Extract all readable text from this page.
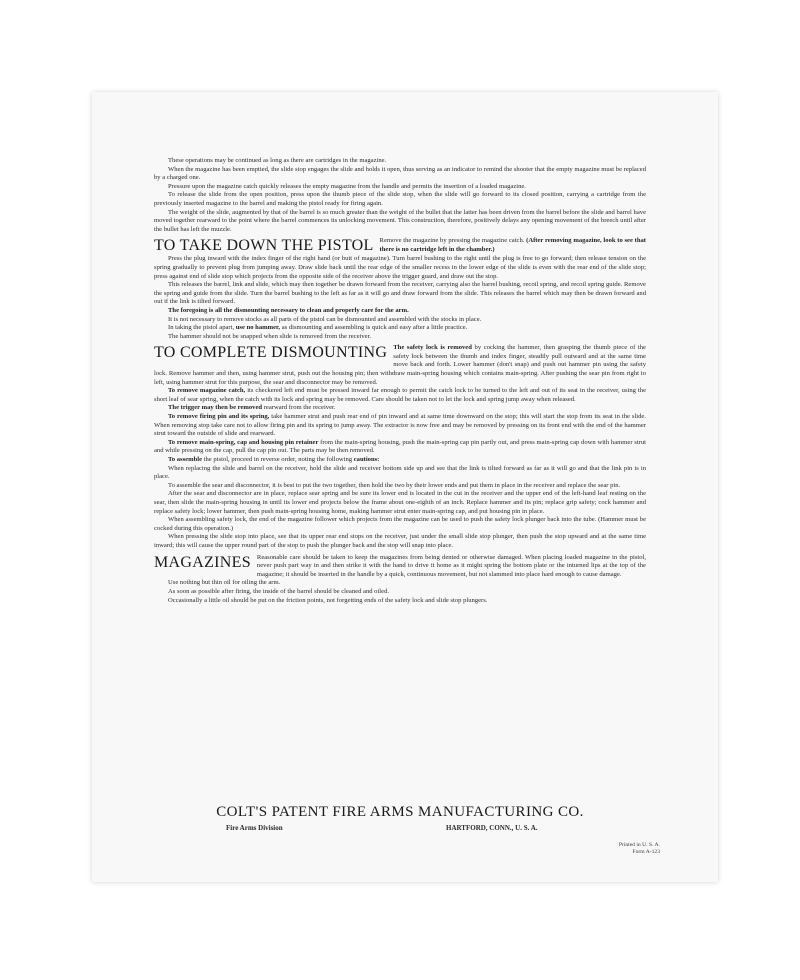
These operations may be continued as long as there are cartridges in the magazine.

When the magazine has been emptied, the slide stop engages the slide and holds it open, thus serving as an indicator to remind the shooter that the empty magazine must be replaced by a charged one.

Pressure upon the magazine catch quickly releases the empty magazine from the handle and permits the insertion of a loaded magazine.

To release the slide from the open position, press upon the thumb piece of the slide stop, when the slide will go forward to its closed position, carrying a cartridge from the previously inserted magazine to the barrel and making the pistol ready for firing again.

The weight of the slide, augmented by that of the barrel is so much greater than the weight of the bullet that the latter has been driven from the barrel before the slide and barrel have moved together rearward to the point where the barrel commences its unlocking movement. This construction, therefore, positively delays any opening movement of the breech until after the bullet has left the muzzle.

TO TAKE DOWN THE PISTOL Remove the magazine by pressing the magazine catch. (After removing magazine, look to see that there is no cartridge left in the chamber.)

Press the plug inward with the index finger of the right hand (or butt of magazine). Turn barrel bushing to the right until the plug is free to go forward; then release tension on the spring gradually to prevent plug from jumping away. Draw slide back until the rear edge of the smaller recess in the lower edge of the slide is even with the rear end of the slide stop; press against end of slide stop which projects from the opposite side of the receiver above the trigger guard, and draw out the stop.

This releases the barrel, link and slide, which may then together be drawn forward from the receiver, carrying also the barrel bushing, recoil spring, and recoil spring guide. Remove the spring and guide from the slide. Turn the barrel bushing to the left as far as it will go and draw forward from the slide. This releases the barrel which may then be drawn forward and out if the link is tilted forward.

The foregoing is all the dismounting necessary to clean and properly care for the arm.

It is not necessary to remove stocks as all parts of the pistol can be dismounted and assembled with the stocks in place.

In taking the pistol apart, use no hammer, as dismounting and assembling is quick and easy after a little practice.

The hammer should not be snapped when slide is removed from the receiver.

TO COMPLETE DISMOUNTING The safety lock is removed by cocking the hammer, then grasping the thumb piece of the safety lock between the thumb and index finger, steadily pull outward and at the same time move back and forth. Lower hammer (don't snap) and push out hammer pin using the safety lock. Remove hammer and then, using hammer strut, push out the housing pin; then withdraw main-spring housing which contains main-spring. After pushing the sear pin from right to left, using hammer strut for this purpose, the sear and disconnector may be removed.

To remove magazine catch, its checkered left end must be pressed inward far enough to permit the catch lock to be turned to the left and out of its seat in the receiver, using the short leaf of sear spring, when the catch with its lock and spring may be removed. Care should be taken not to let the lock and spring jump away when released.

The trigger may then be removed rearward from the receiver.

To remove firing pin and its spring, take hammer strut and push rear end of pin inward and at same time downward on the stop; this will start the stop from its seat in the slide. When removing stop take care not to allow firing pin and its spring to jump away. The extractor is now free and may be removed by pressing on its front end with the end of the hammer strut toward the outside of slide and rearward.

To remove main-spring, cap and housing pin retainer from the main-spring housing, push the main-spring cap pin partly out, and press main-spring cap down with hammer strut and while pressing on the cap, pull the cap pin out. The parts may be then removed.

To assemble the pistol, proceed in reverse order, noting the following cautions:

When replacing the slide and barrel on the receiver, hold the slide and receiver bottom side up and see that the link is tilted forward as far as it will go and that the link pin is in place.

To assemble the sear and disconnector, it is best to put the two together, then hold the two by their lower ends and put them in place in the receiver and replace the sear pin.

After the sear and disconnector are in place, replace sear spring and be sure its lower end is located in the cut in the receiver and the upper end of the left-hand leaf resting on the sear, then slide the main-spring housing in until its lower end projects below the frame about one-eighth of an inch. Replace hammer and its pin; replace grip safety; cock hammer and replace safety lock; lower hammer, then push main-spring housing home, making hammer strut enter main-spring cap, and put housing pin in place.

When assembling safety lock, the end of the magazine follower which projects from the magazine can be used to push the safety lock plunger back into the tube. (Hammer must be cocked during this operation.)

When pressing the slide stop into place, see that its upper rear end stops on the receiver, just under the small slide stop plunger, then push the stop upward and at the same time inward; this will cause the upper round part of the stop to push the plunger back and the stop will snap into place.

MAGAZINES Reasonable care should be taken to keep the magazines from being dented or otherwise damaged. When placing loaded magazine in the pistol, never push part way in and then strike it with the hand to drive it home as it might spring the bottom plate or the inturned lips at the top of the magazine; it should be inserted in the handle by a quick, continuous movement, but not slammed into place hard enough to cause damage.

Use nothing but thin oil for oiling the arm.

As soon as possible after firing, the inside of the barrel should be cleaned and oiled.

Occasionally a little oil should be put on the friction points, not forgetting ends of the safety lock and slide stop plungers.

COLT'S PATENT FIRE ARMS MANUFACTURING CO.

Fire Arms Division	HARTFORD, CONN., U. S. A.
Printed in U. S. A.
Form A-123
